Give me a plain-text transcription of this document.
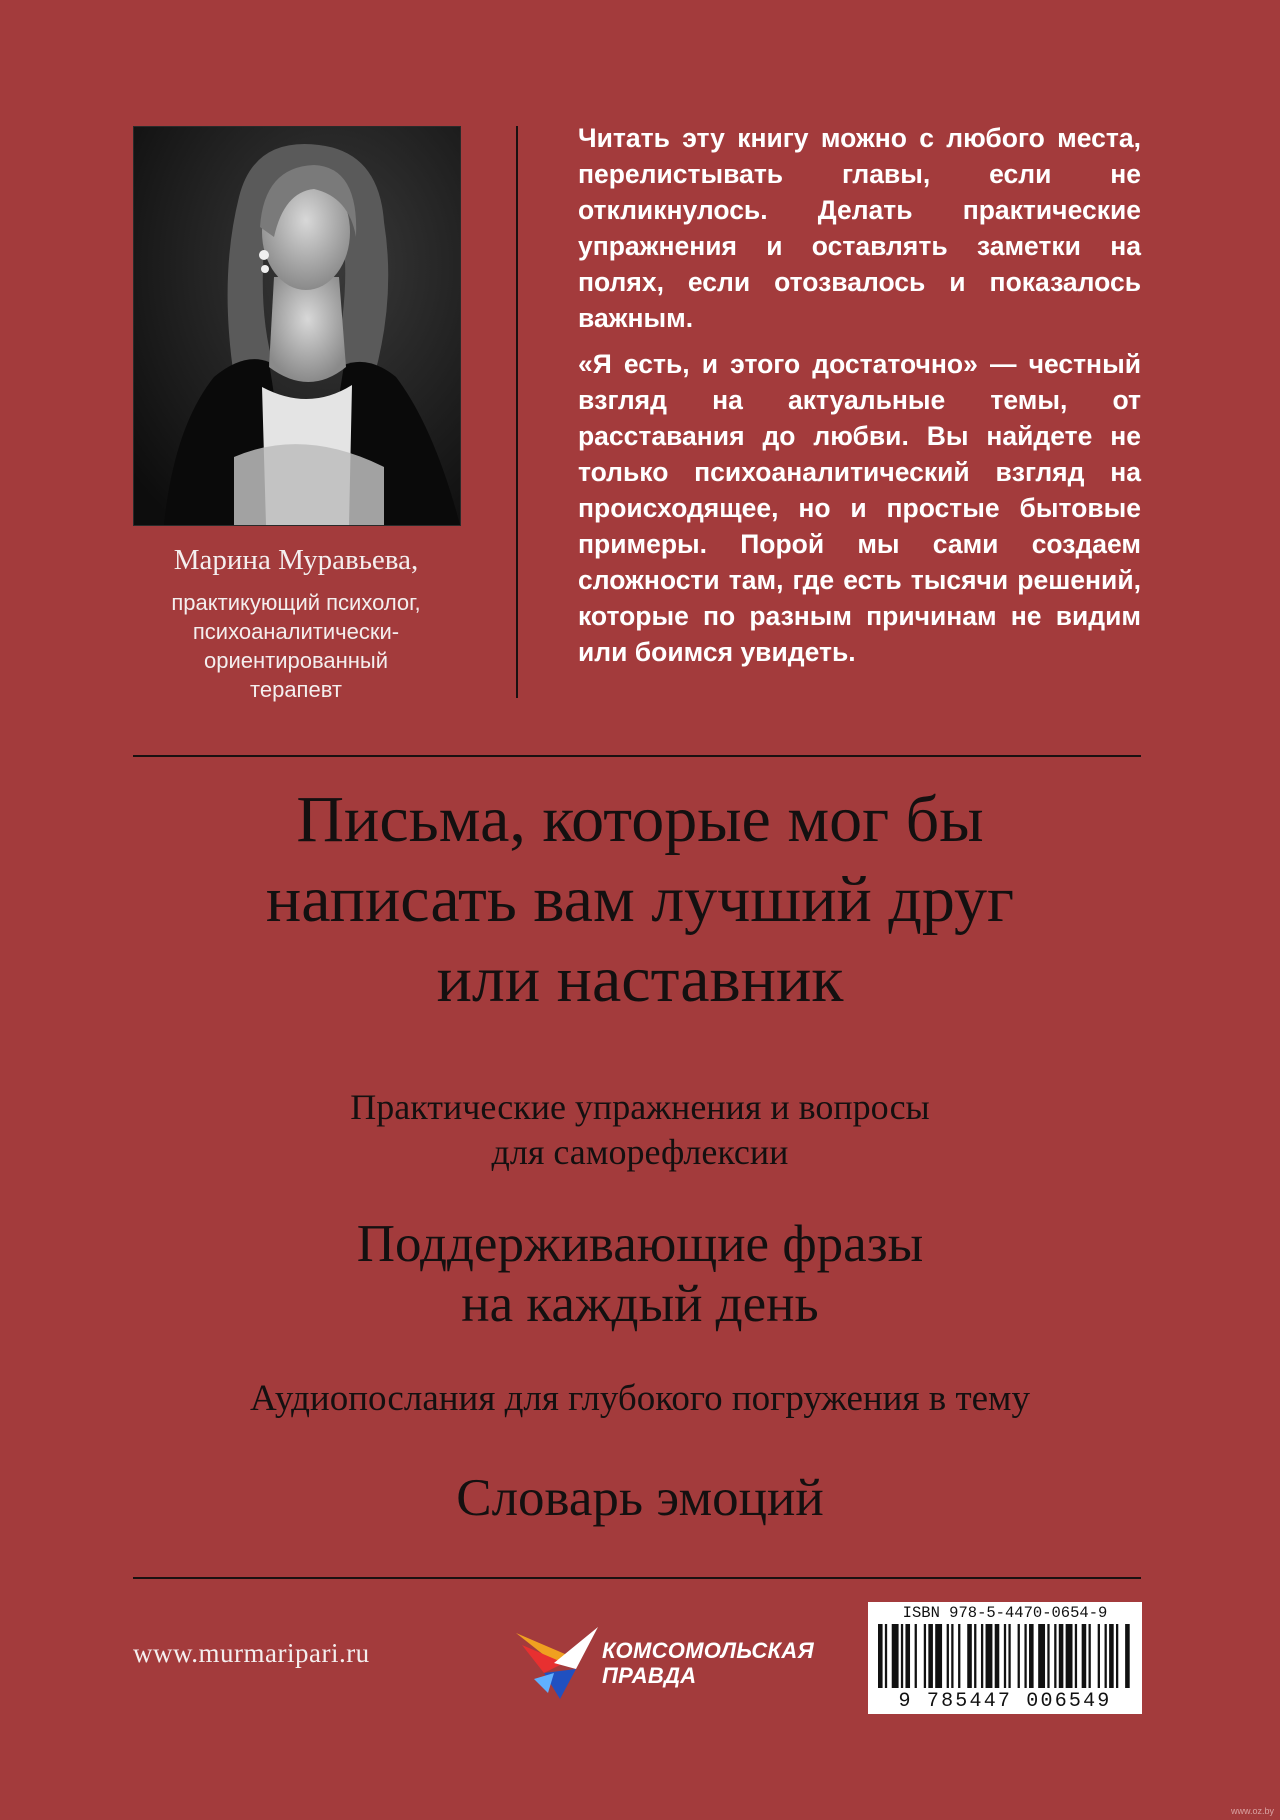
Марина Муравьева,
практикующий психолог,
психоаналитически-
ориентированный
терапевт

Читать эту книгу можно с любого места, перелистывать главы, если не откликнулось. Делать практические упражнения и оставлять заметки на полях, если отозвалось и показалось важным.

«Я есть, и этого достаточно» — честный взгляд на актуальные темы, от расставания до любви. Вы найдете не только психоаналитический взгляд на происходящее, но и простые бытовые примеры. Порой мы сами создаем сложности там, где есть тысячи решений, которые по разным причинам не видим или боимся увидеть.

Письма, которые мог бы
написать вам лучший друг
или наставник
Практические упражнения и вопросы
для саморефлексии
Поддерживающие фразы
на каждый день
Аудиопослания для глубокого погружения в тему
Словарь эмоций
www.murmaripari.ru	КОМСОМОЛЬСКАЯ
ПРАВДА
ISBN 978-5-4470-0654-9
9 785447 006549
www.oz.by
